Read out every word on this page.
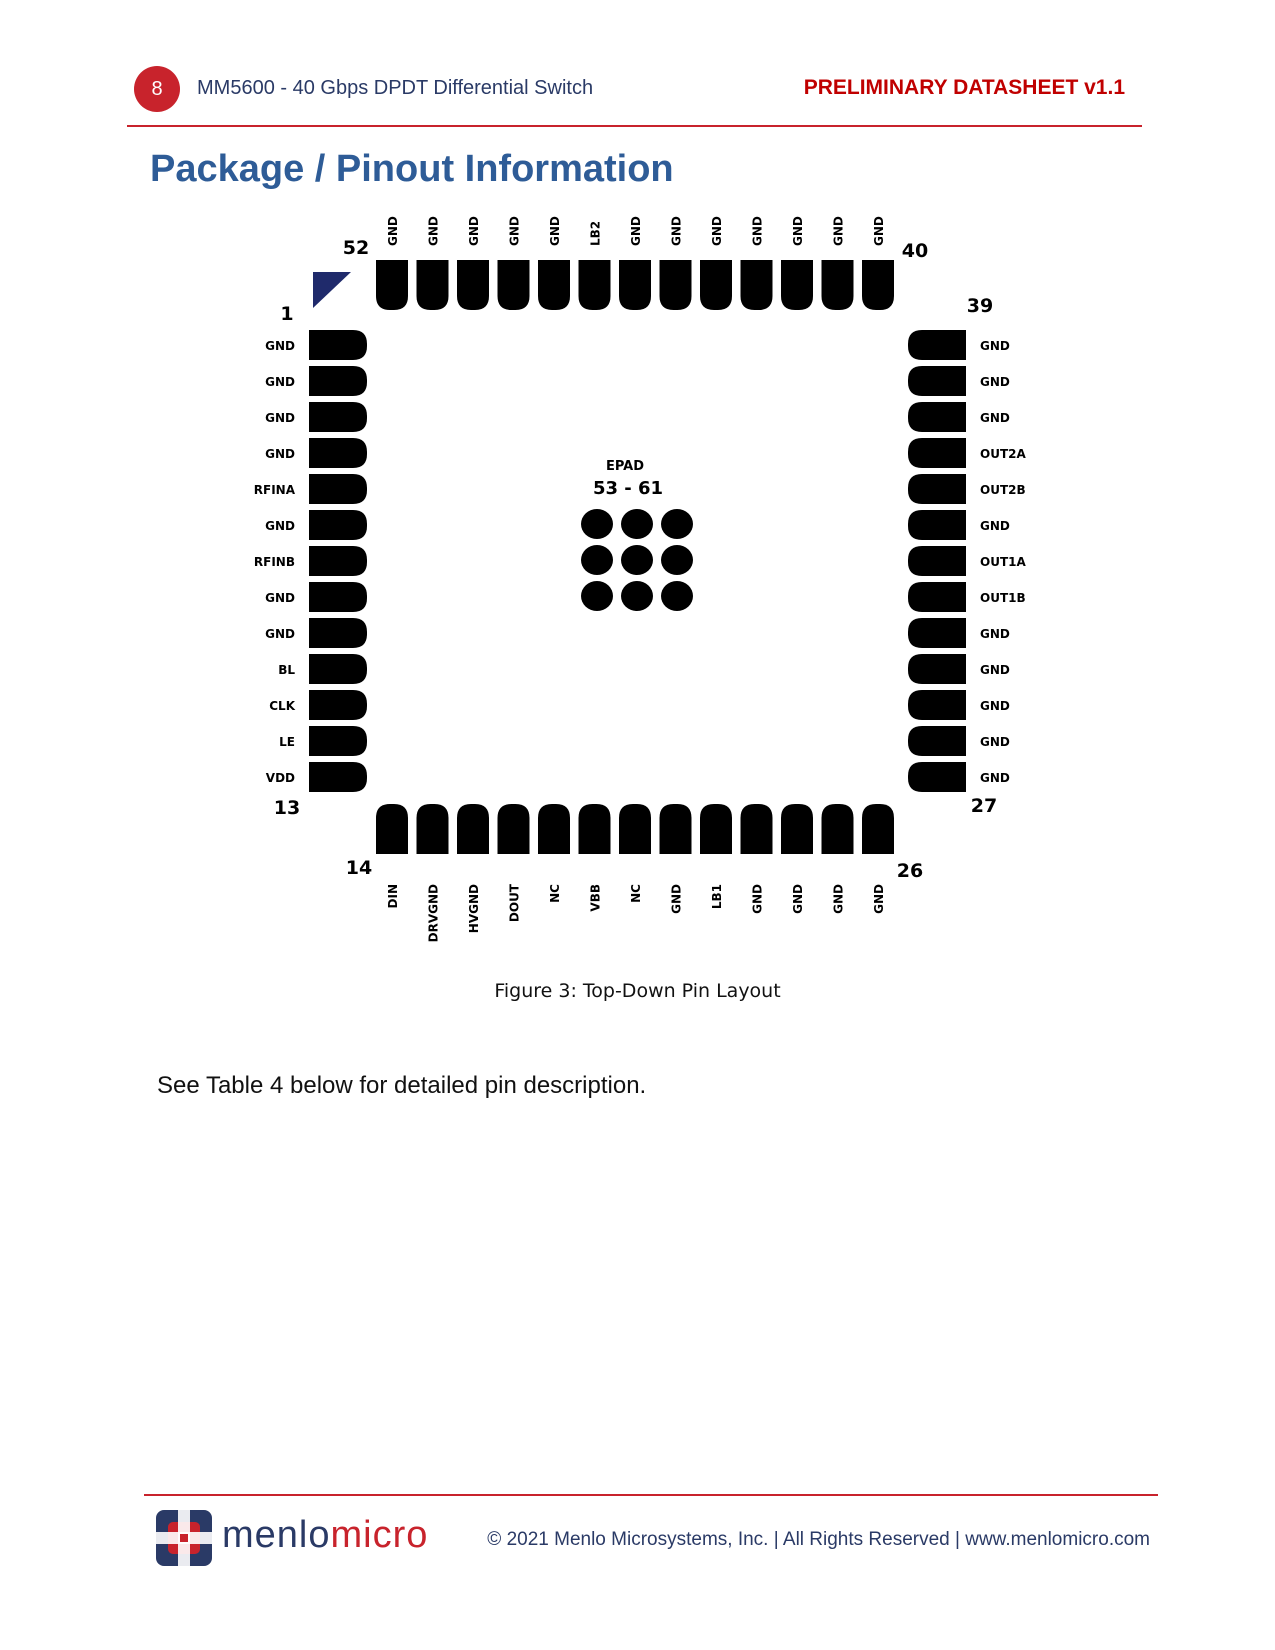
8	MM5600 - 40 Gbps DPDT Differential Switch	PRELIMINARY DATASHEET v1.1
Package / Pinout Information
GND GND GND GND GND LB2 GND GND GND GND GND GND GND
DIN DRVGND HVGND DOUT NC VBB NC GND LB1 GND GND GND GND
GND
GND
GND
GND
RFINA
GND
RFINB
GND
GND
BL
CLK
LE
VDD
GND
GND
GND
OUT2A
OUT2B
GND
OUT1A
OUT1B
GND
GND
GND
GND
GND
52	40
1	39
13	27
14	26
EPAD
53 - 61
Figure 3: Top-Down Pin Layout
See Table 4 below for detailed pin description.
menlomicro	© 2021 Menlo Microsystems, Inc. | All Rights Reserved | www.menlomicro.com
